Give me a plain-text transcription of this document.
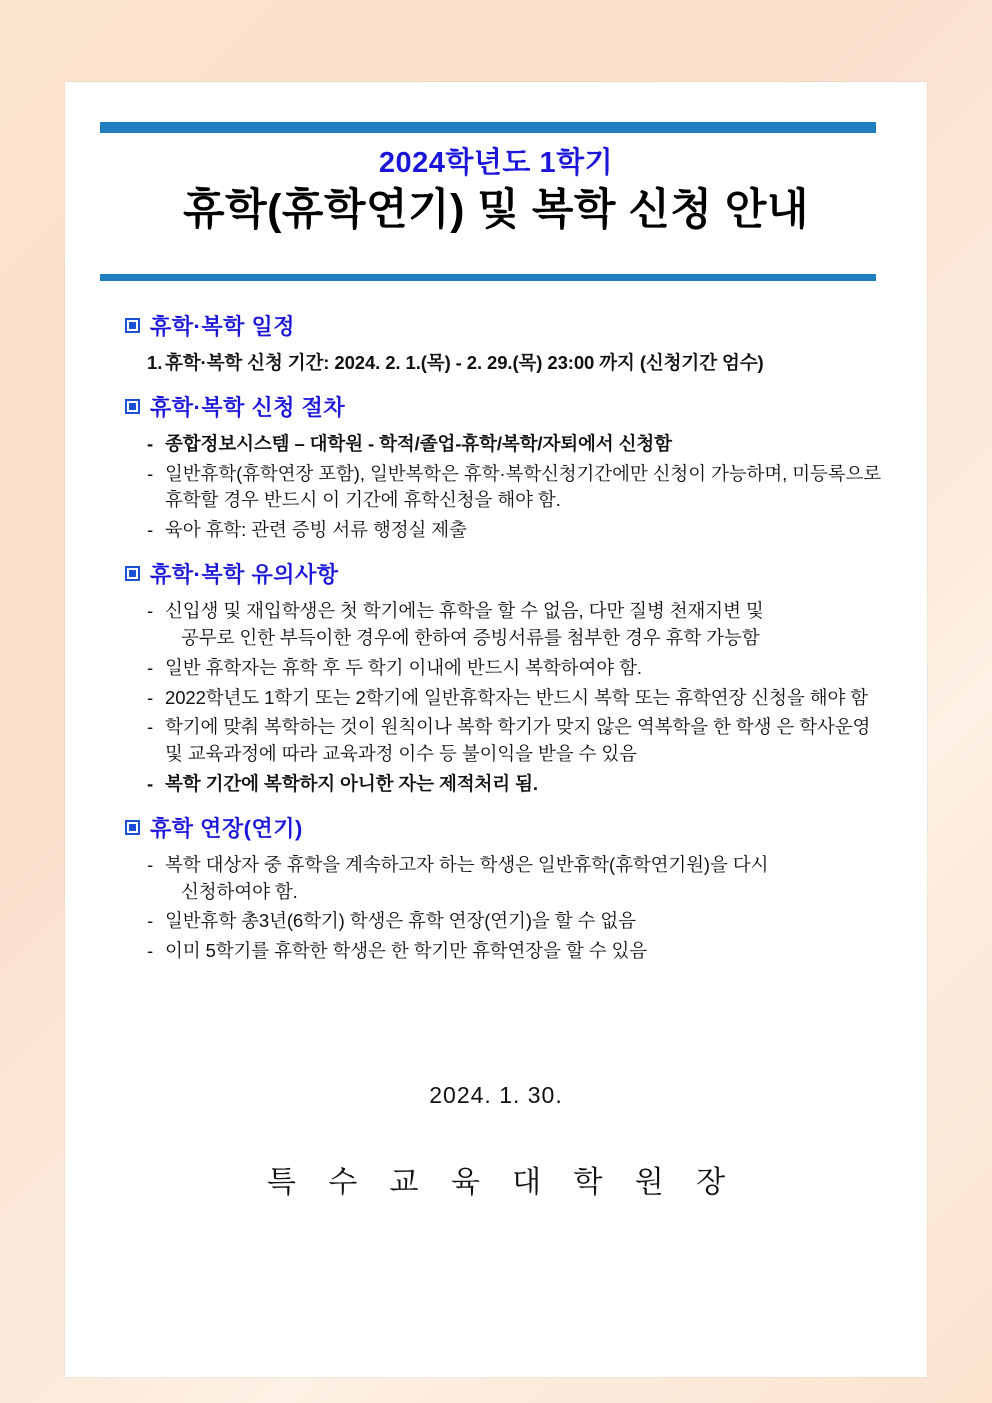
2024학년도 1학기
휴학(휴학연기) 및 복학 신청 안내
휴학·복학 일정
1. 휴학·복학 신청 기간: 2024. 2. 1.(목) - 2. 29.(목) 23:00 까지 (신청기간 엄수)
휴학·복학 신청 절차
- 종합정보시스템 – 대학원 - 학적/졸업-휴학/복학/자퇴에서 신청함
- 일반휴학(휴학연장 포함), 일반복학은 휴학·복학신청기간에만 신청이 가능하며, 미등록으로 휴학할 경우 반드시 이 기간에 휴학신청을 해야 함.
- 육아 휴학: 관련 증빙 서류 행정실 제출
휴학·복학 유의사항
- 신입생 및 재입학생은 첫 학기에는 휴학을 할 수 없음, 다만 질병 천재지변 및
공무로 인한 부득이한 경우에 한하여 증빙서류를 첨부한 경우 휴학 가능함
- 일반 휴학자는 휴학 후 두 학기 이내에 반드시 복학하여야 함.
- 2022학년도 1학기 또는 2학기에 일반휴학자는 반드시 복학 또는 휴학연장 신청을 해야 함
- 학기에 맞춰 복학하는 것이 원칙이나 복학 학기가 맞지 않은 역복학을 한 학생 은 학사운영 및 교육과정에 따라 교육과정 이수 등 불이익을 받을 수 있음
- 복학 기간에 복학하지 아니한 자는 제적처리 됨.
휴학 연장(연기)
- 복학 대상자 중 휴학을 계속하고자 하는 학생은 일반휴학(휴학연기원)을 다시
신청하여야 함.
- 일반휴학 총3년(6학기) 학생은 휴학 연장(연기)을 할 수 없음
- 이미 5학기를 휴학한 학생은 한 학기만 휴학연장을 할 수 있음
2024. 1. 30.
특 수 교 육 대 학 원 장
